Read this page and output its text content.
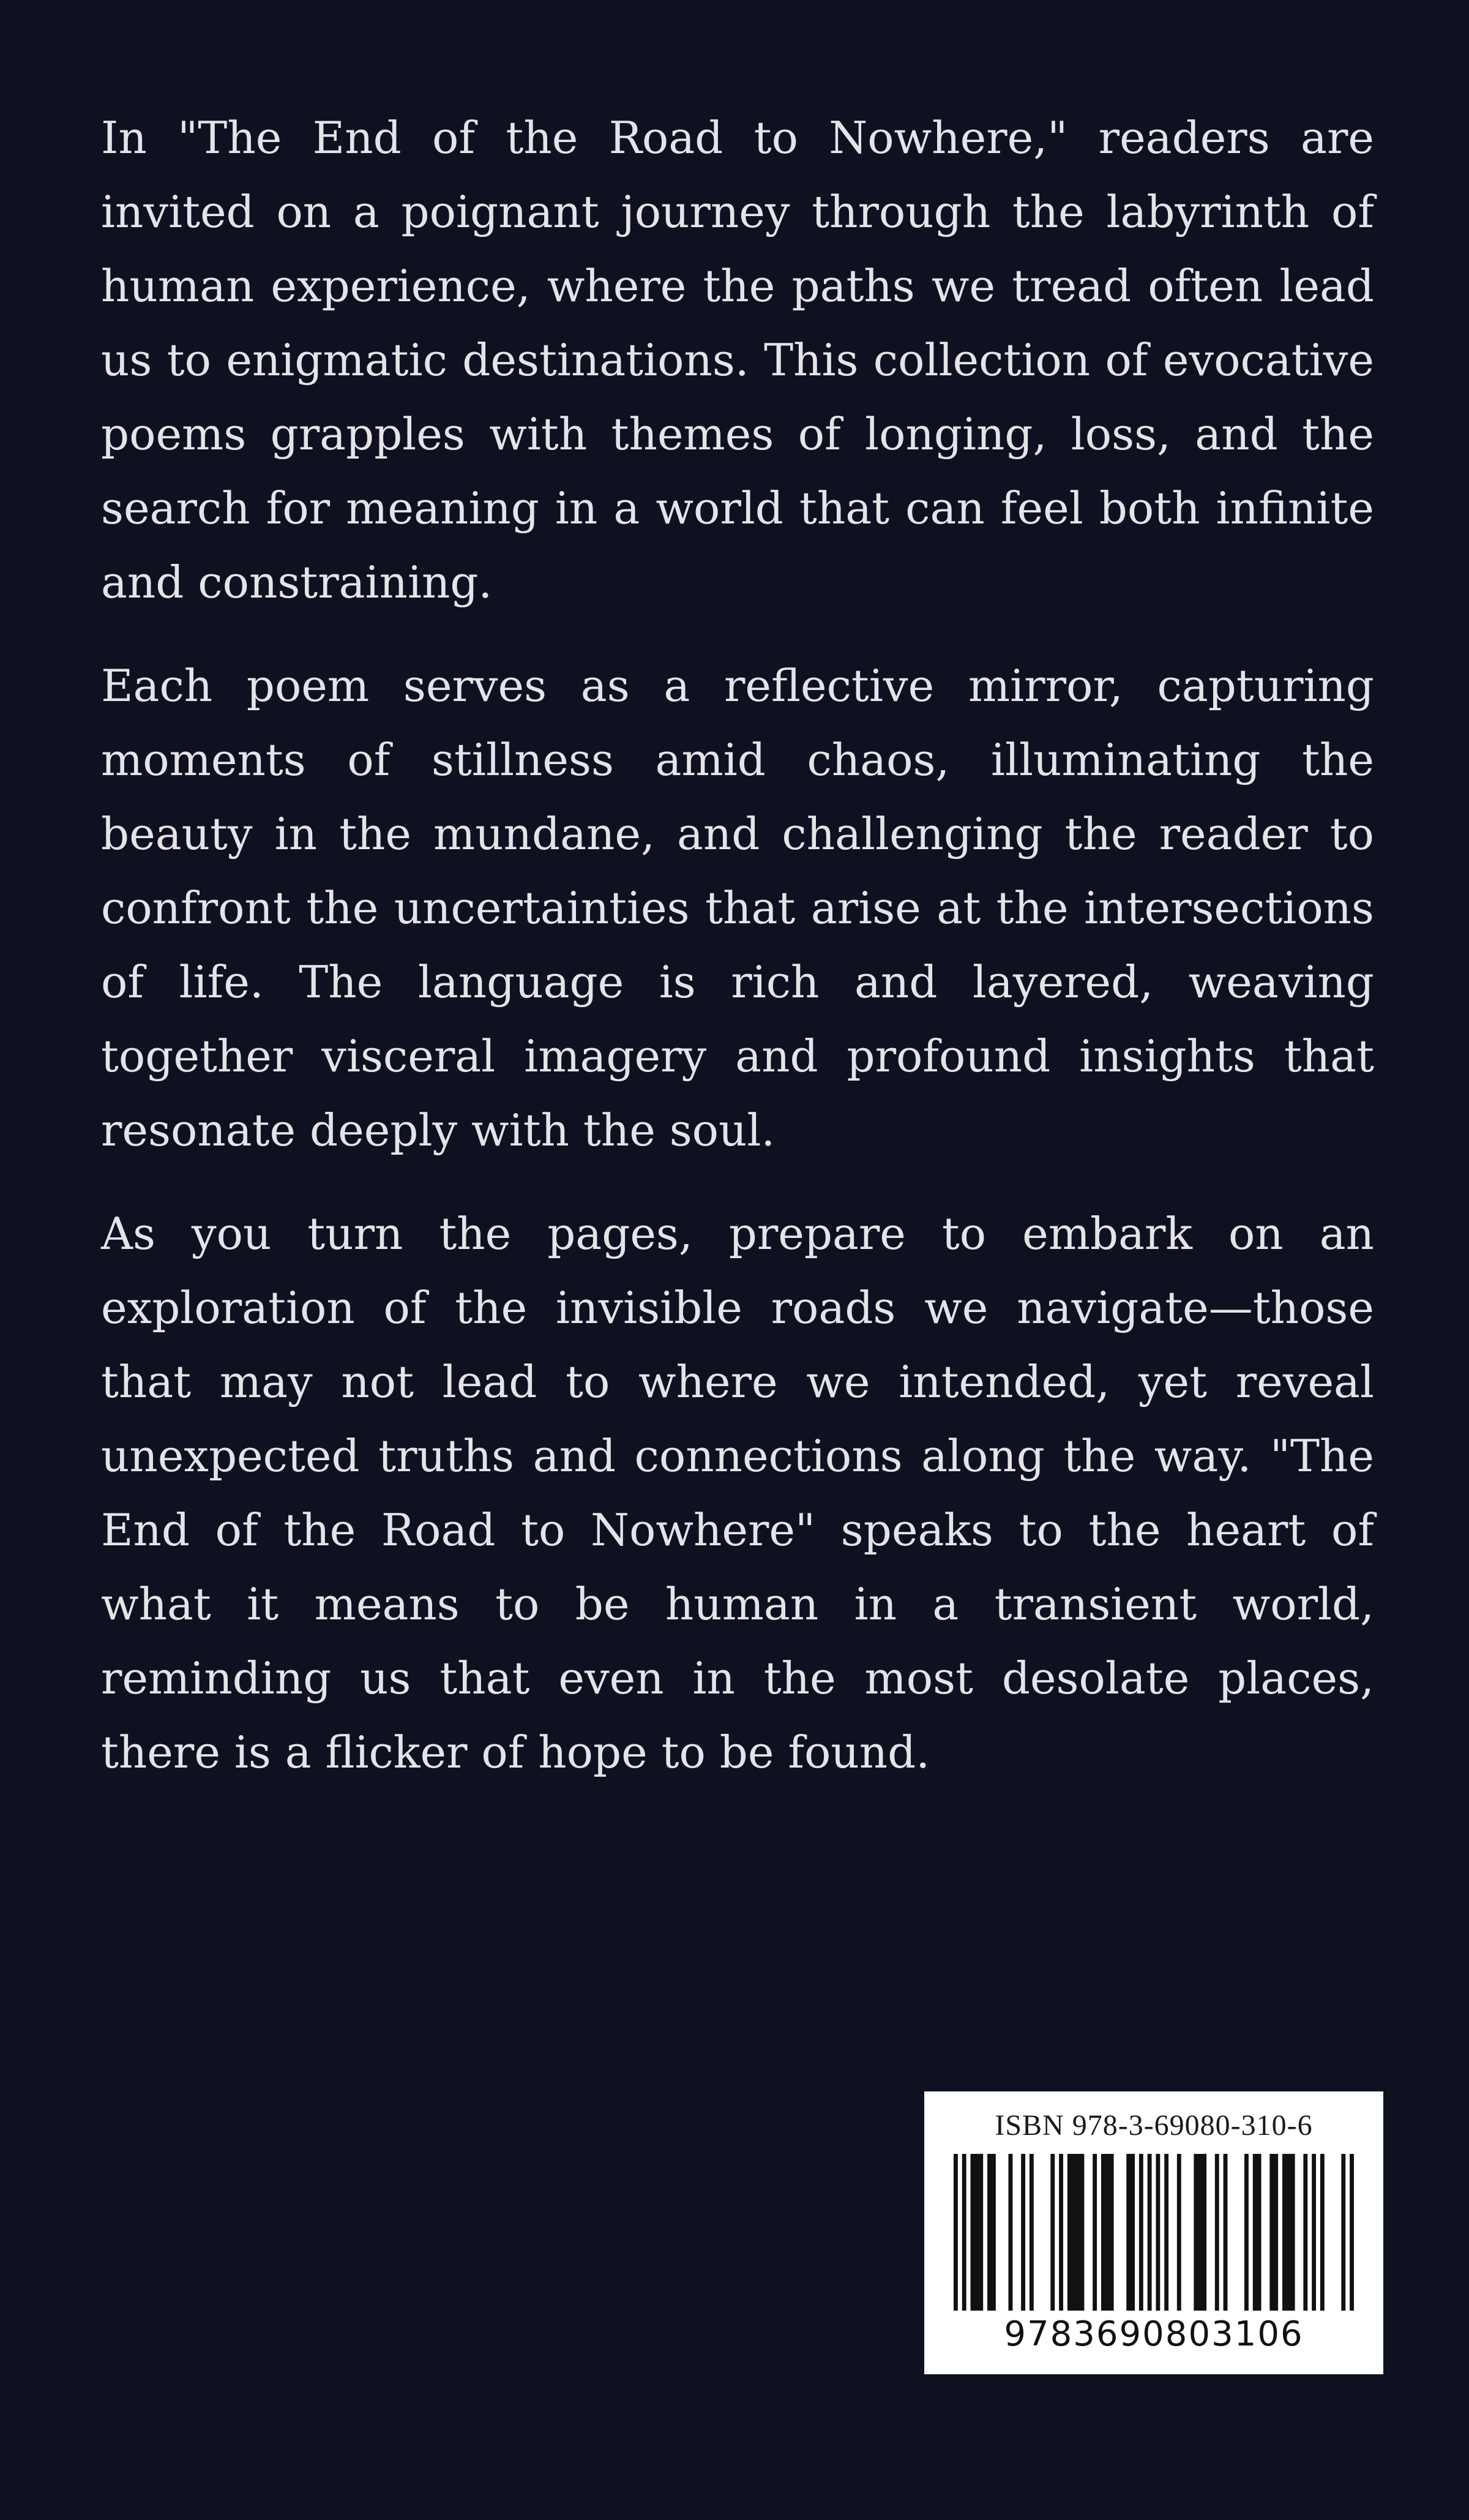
In "The End of the Road to Nowhere," readers are invited on a poignant journey through the labyrinth of human experience, where the paths we tread often lead us to enigmatic destinations. This collection of evocative poems grapples with themes of longing, loss, and the search for meaning in a world that can feel both infinite and constraining.

Each poem serves as a reflective mirror, capturing moments of stillness amid chaos, illuminating the beauty in the mundane, and challenging the reader to confront the uncertainties that arise at the intersections of life. The language is rich and layered, weaving together visceral imagery and profound insights that resonate deeply with the soul.

As you turn the pages, prepare to embark on an exploration of the invisible roads we navigate—those that may not lead to where we intended, yet reveal unexpected truths and connections along the way. "The End of the Road to Nowhere" speaks to the heart of what it means to be human in a transient world, reminding us that even in the most desolate places, there is a flicker of hope to be found.

ISBN 978-3-69080-310-6
9783690803106
